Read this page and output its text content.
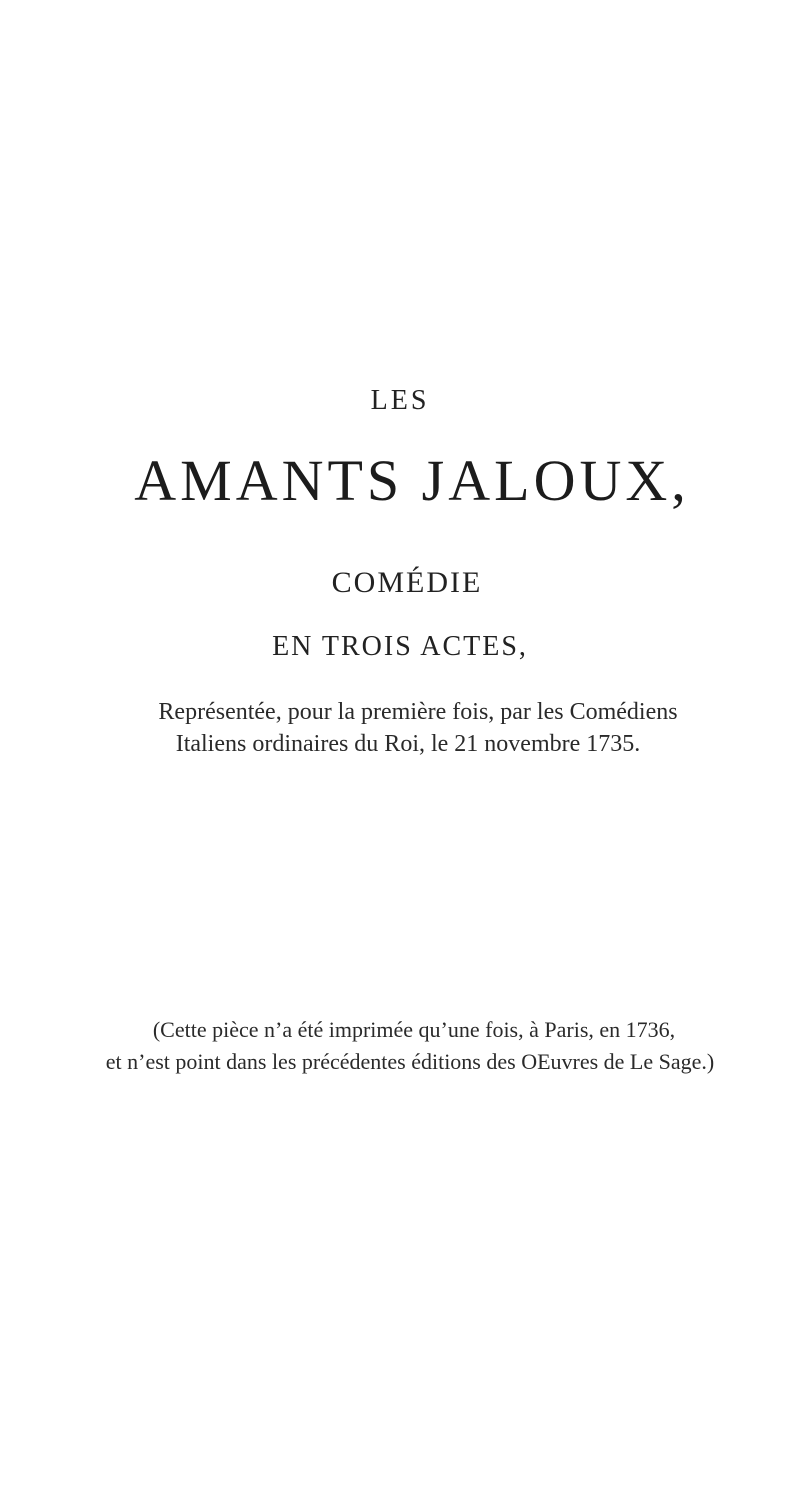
LES
AMANTS JALOUX,
COMÉDIE
EN TROIS ACTES,
Représentée, pour la première fois, par les Comédiens
Italiens ordinaires du Roi, le 21 novembre 1735.
(Cette pièce n’a été imprimée qu’une fois, à Paris, en 1736,
et n’est point dans les précédentes éditions des OEuvres de Le Sage.)
